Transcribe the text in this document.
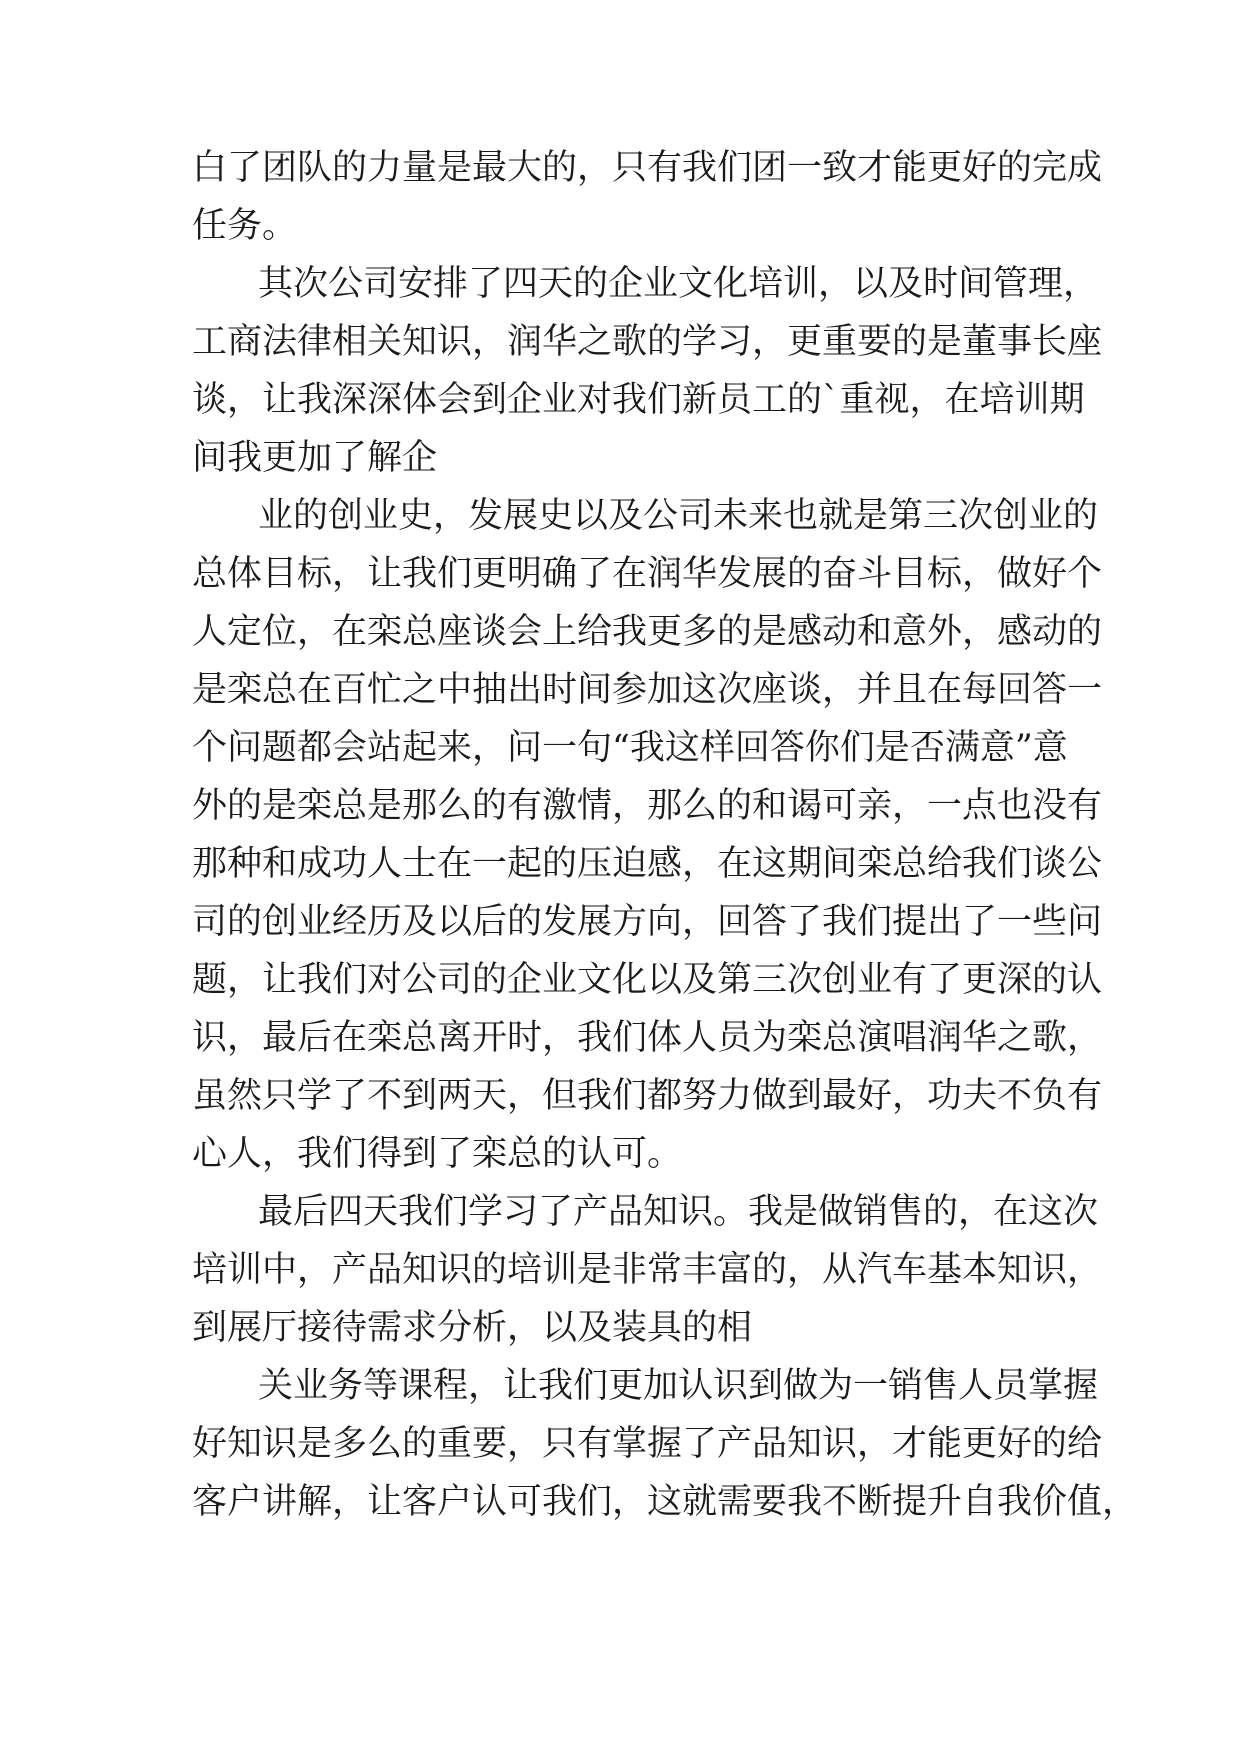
白了团队的力量是最大的，只有我们团一致才能更好的完成
任务。
其次公司安排了四天的企业文化培训，以及时间管理，
工商法律相关知识，润华之歌的学习，更重要的是董事长座
谈，让我深深体会到企业对我们新员工的`重视，在培训期
间我更加了解企
业的创业史，发展史以及公司未来也就是第三次创业的
总体目标，让我们更明确了在润华发展的奋斗目标，做好个
人定位，在栾总座谈会上给我更多的是感动和意外，感动的
是栾总在百忙之中抽出时间参加这次座谈，并且在每回答一
个问题都会站起来，问一句“我这样回答你们是否满意”意
外的是栾总是那么的有激情，那么的和谒可亲，一点也没有
那种和成功人士在一起的压迫感，在这期间栾总给我们谈公
司的创业经历及以后的发展方向，回答了我们提出了一些问
题，让我们对公司的企业文化以及第三次创业有了更深的认
识，最后在栾总离开时，我们体人员为栾总演唱润华之歌，
虽然只学了不到两天，但我们都努力做到最好，功夫不负有
心人，我们得到了栾总的认可。
最后四天我们学习了产品知识。我是做销售的，在这次
培训中，产品知识的培训是非常丰富的，从汽车基本知识，
到展厅接待需求分析，以及装具的相
关业务等课程，让我们更加认识到做为一销售人员掌握
好知识是多么的重要，只有掌握了产品知识，才能更好的给
客户讲解，让客户认可我们，这就需要我不断提升自我价值，
